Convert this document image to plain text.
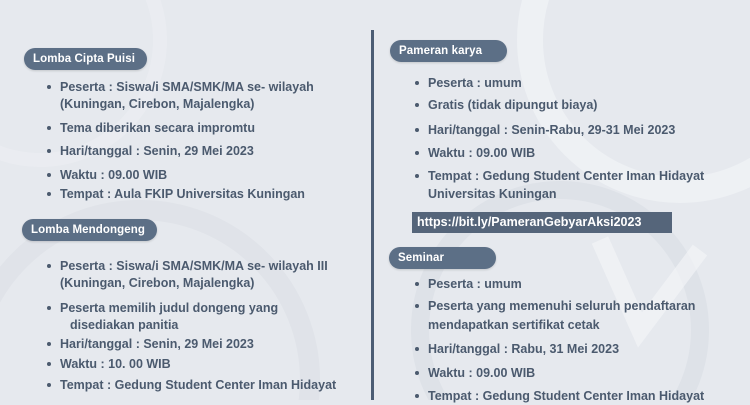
Lomba Cipta Puisi
Peserta : Siswa/i SMA/SMK/MA se- wilayah
(Kuningan, Cirebon, Majalengka)
Tema diberikan secara impromtu
Hari/tanggal : Senin, 29 Mei 2023
Waktu : 09.00 WIB
Tempat : Aula FKIP Universitas Kuningan
Lomba Mendongeng
Peserta : Siswa/i SMA/SMK/MA se- wilayah III
(Kuningan, Cirebon, Majalengka)
Peserta memilih judul dongeng yang
disediakan panitia
Hari/tanggal : Senin, 29 Mei 2023
Waktu : 10. 00 WIB
Tempat : Gedung Student Center Iman Hidayat
Pameran karya
Peserta : umum
Gratis (tidak dipungut biaya)
Hari/tanggal : Senin-Rabu, 29-31 Mei 2023
Waktu : 09.00 WIB
Tempat : Gedung Student Center Iman Hidayat
Universitas Kuningan
https://bit.ly/PameranGebyarAksi2023
Seminar
Peserta : umum
Peserta yang memenuhi seluruh pendaftaran
mendapatkan sertifikat cetak
Hari/tanggal : Rabu, 31 Mei 2023
Waktu : 09.00 WIB
Tempat : Gedung Student Center Iman Hidayat
